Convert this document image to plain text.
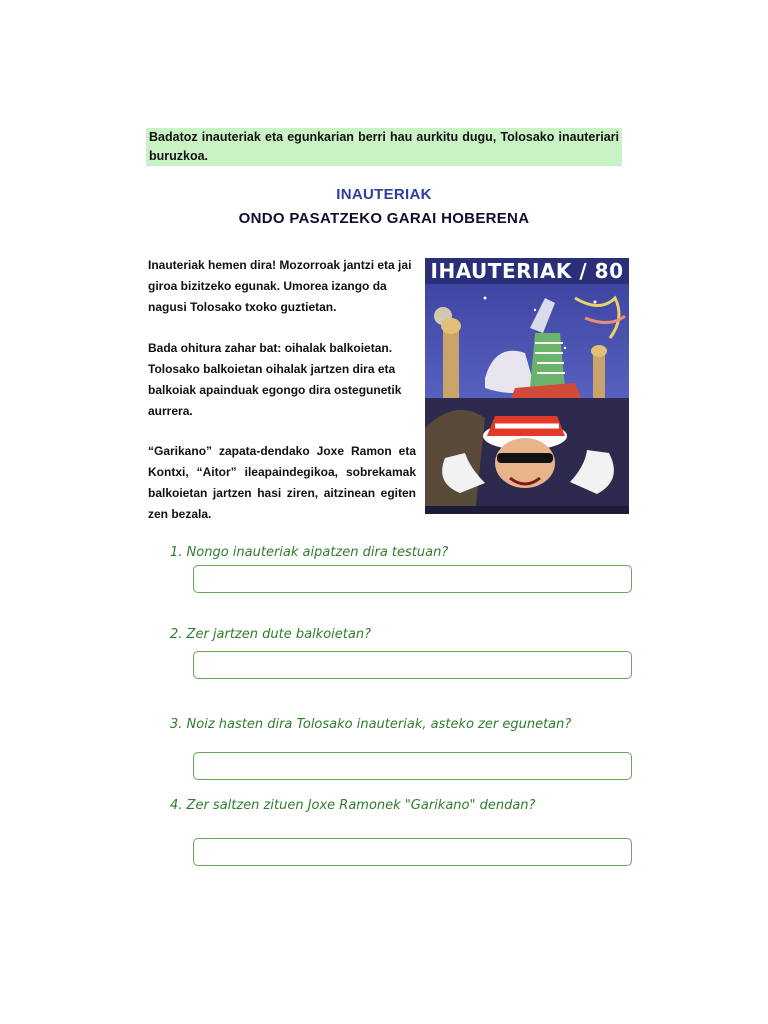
Badatoz inauteriak eta egunkarian berri hau aurkitu dugu, Tolosako inauteriari buruzkoa.
INAUTERIAK
ONDO PASATZEKO GARAI HOBERENA

Inauteriak hemen dira! Mozorroak jantzi eta jai giroa bizitzeko egunak. Umorea izango da nagusi Tolosako txoko guztietan.

Bada ohitura zahar bat: oihalak balkoietan. Tolosako balkoietan oihalak jartzen dira eta balkoiak apainduak egongo dira ostegunetik aurrera.

“Garikano” zapata-dendako Joxe Ramon eta Kontxi, “Aitor” ileapaindegikoa, sobrekamak balkoietan jartzen hasi ziren, aitzinean egiten zen bezala.

IHAUTERIAK / 80
1. Nongo inauteriak aipatzen dira testuan?
2. Zer jartzen dute balkoietan?
3. Noiz hasten dira Tolosako inauteriak, asteko zer egunetan?
4. Zer saltzen zituen Joxe Ramonek "Garikano" dendan?
